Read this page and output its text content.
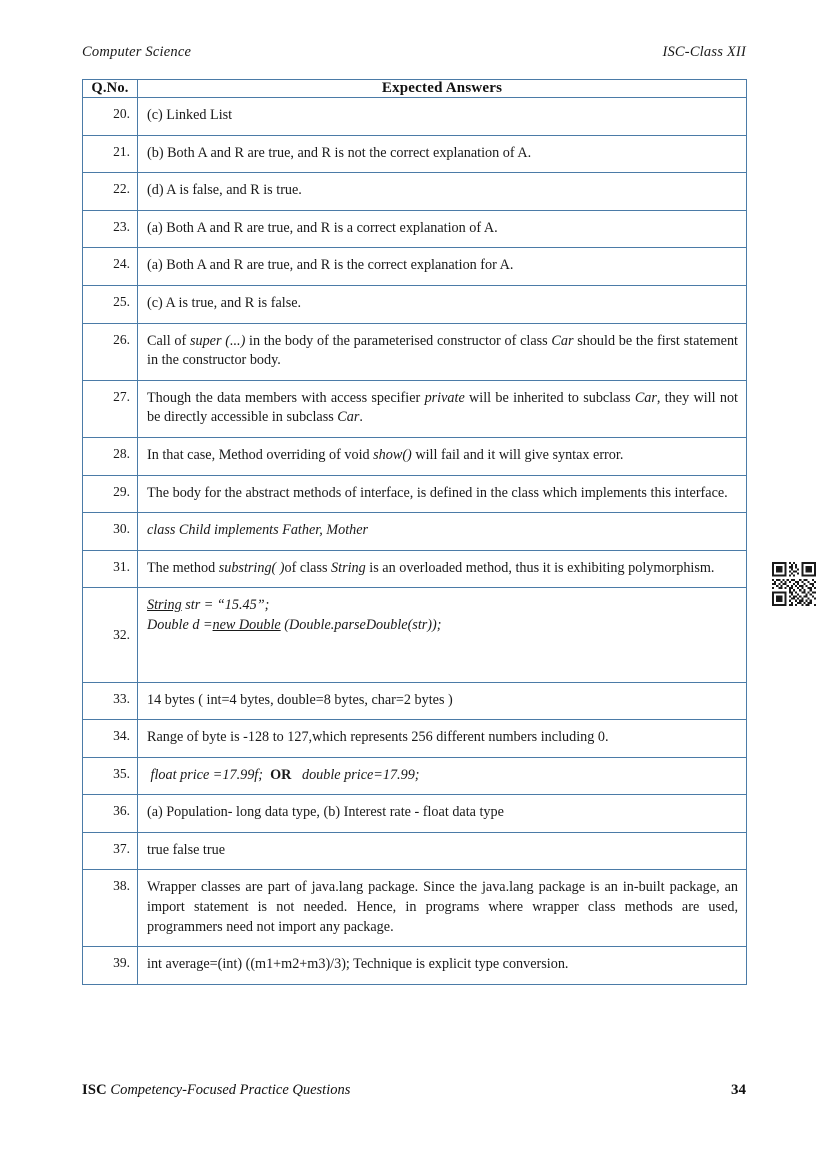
Computer Science	ISC-Class XII
Q.No.	Expected Answers
20.	(c) Linked List
21.	(b) Both A and R are true, and R is not the correct explanation of A.
22.	(d) A is false, and R is true.
23.	(a) Both A and R are true, and R is a correct explanation of A.
24.	(a) Both A and R are true, and R is the correct explanation for A.
25.	(c) A is true, and R is false.
26.	Call of super (...) in the body of the parameterised constructor of class Car should be the first statement in the constructor body.
27.	Though the data members with access specifier private will be inherited to subclass Car, they will not be directly accessible in subclass Car.
28.	In that case, Method overriding of void show() will fail and it will give syntax error.
29.	The body for the abstract methods of interface, is defined in the class which implements this interface.
30.	class Child implements Father, Mother
31.	The method substring( )of class String is an overloaded method, thus it is exhibiting polymorphism.
32.	String str = “15.45”;
Double d =new Double (Double.parseDouble(str));

33.	14 bytes ( int=4 bytes, double=8 bytes, char=2 bytes )
34.	Range of byte is -128 to 127,which represents 256 different numbers including 0.
35.	float price =17.99f; OR double price=17.99;
36.	(a) Population- long data type, (b) Interest rate - float data type
37.	true false true
38.	Wrapper classes are part of java.lang package. Since the java.lang package is an in-built package, an import statement is not needed. Hence, in programs where wrapper class methods are used, programmers need not import any package.
39.	int average=(int) ((m1+m2+m3)/3); Technique is explicit type conversion.
ISC Competency-Focused Practice Questions	34
